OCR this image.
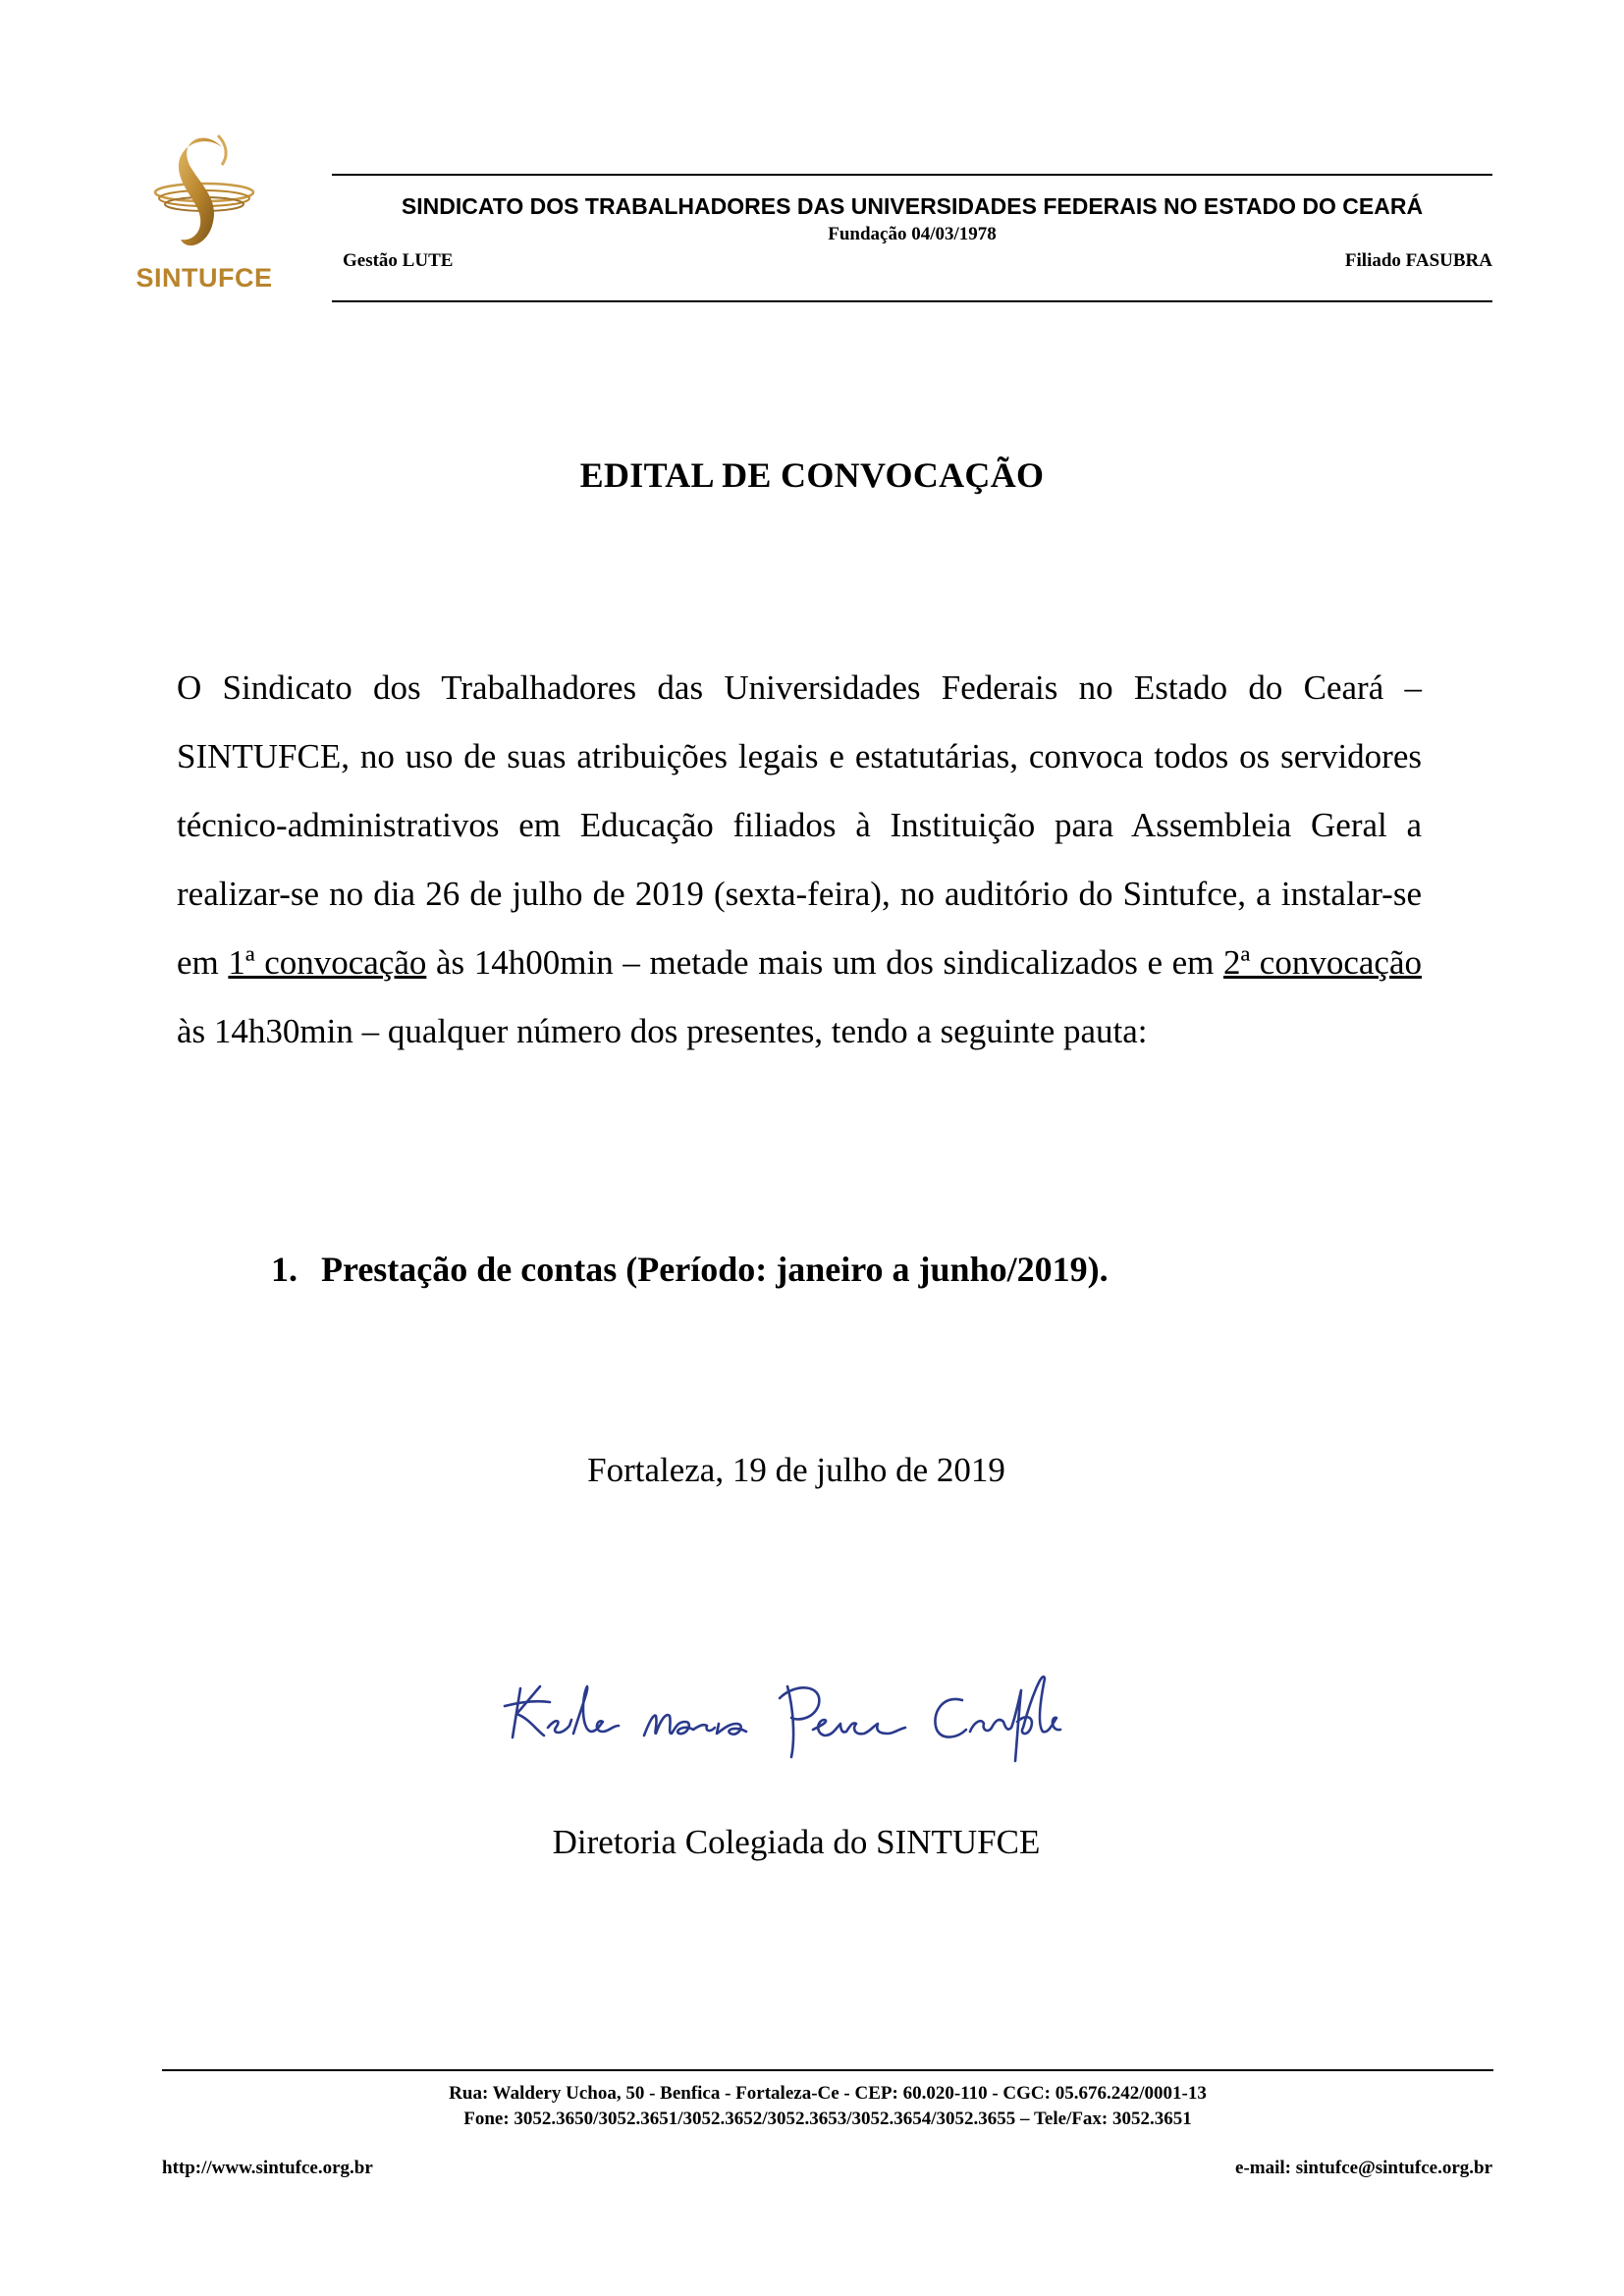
SINTUFCE
SINDICATO DOS TRABALHADORES DAS UNIVERSIDADES FEDERAIS NO ESTADO DO CEARÁ
Fundação 04/03/1978
Gestão LUTE	Filiado FASUBRA
EDITAL DE CONVOCAÇÃO
O Sindicato dos Trabalhadores das Universidades Federais no Estado do Ceará – SINTUFCE, no uso de suas atribuições legais e estatutárias, convoca todos os servidores técnico-administrativos em Educação filiados à Instituição para Assembleia Geral a realizar-se no dia 26 de julho de 2019 (sexta-feira), no auditório do Sintufce, a instalar-se em 1ª convocação às 14h00min – metade mais um dos sindicalizados e em 2ª convocação às 14h30min – qualquer número dos presentes, tendo a seguinte pauta:
1. Prestação de contas (Período: janeiro a junho/2019).
Fortaleza, 19 de julho de 2019
Diretoria Colegiada do SINTUFCE
Rua: Waldery Uchoa, 50 - Benfica - Fortaleza-Ce - CEP: 60.020-110 - CGC: 05.676.242/0001-13
Fone: 3052.3650/3052.3651/3052.3652/3052.3653/3052.3654/3052.3655 – Tele/Fax: 3052.3651
http://www.sintufce.org.br	e-mail: sintufce@sintufce.org.br
